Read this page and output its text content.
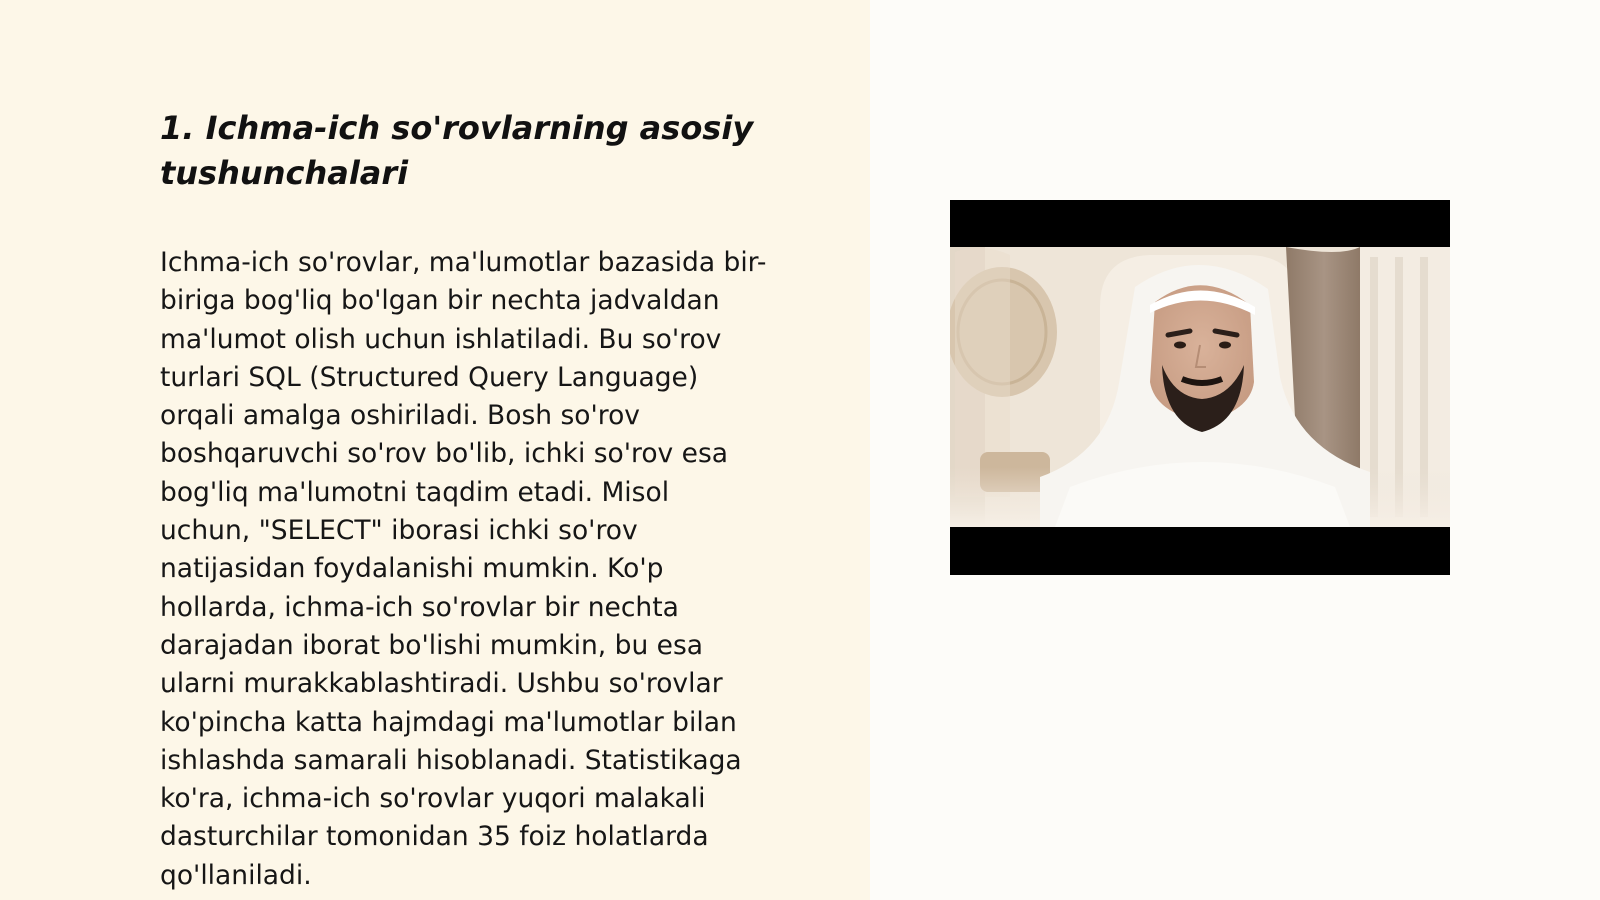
1. Ichma-ich so'rovlarning asosiy
tushunchalari

Ichma-ich so'rovlar, ma'lumotlar bazasida bir-
biriga bog'liq bo'lgan bir nechta jadvaldan
ma'lumot olish uchun ishlatiladi. Bu so'rov
turlari SQL (Structured Query Language)
orqali amalga oshiriladi. Bosh so'rov
boshqaruvchi so'rov bo'lib, ichki so'rov esa
bog'liq ma'lumotni taqdim etadi. Misol
uchun, "SELECT" iborasi ichki so'rov
natijasidan foydalanishi mumkin. Ko'p
hollarda, ichma-ich so'rovlar bir nechta
darajadan iborat bo'lishi mumkin, bu esa
ularni murakkablashtiradi. Ushbu so'rovlar
ko'pincha katta hajmdagi ma'lumotlar bilan
ishlashda samarali hisoblanadi. Statistikaga
ko'ra, ichma-ich so'rovlar yuqori malakali
dasturchilar tomonidan 35 foiz holatlarda
qo'llaniladi.
